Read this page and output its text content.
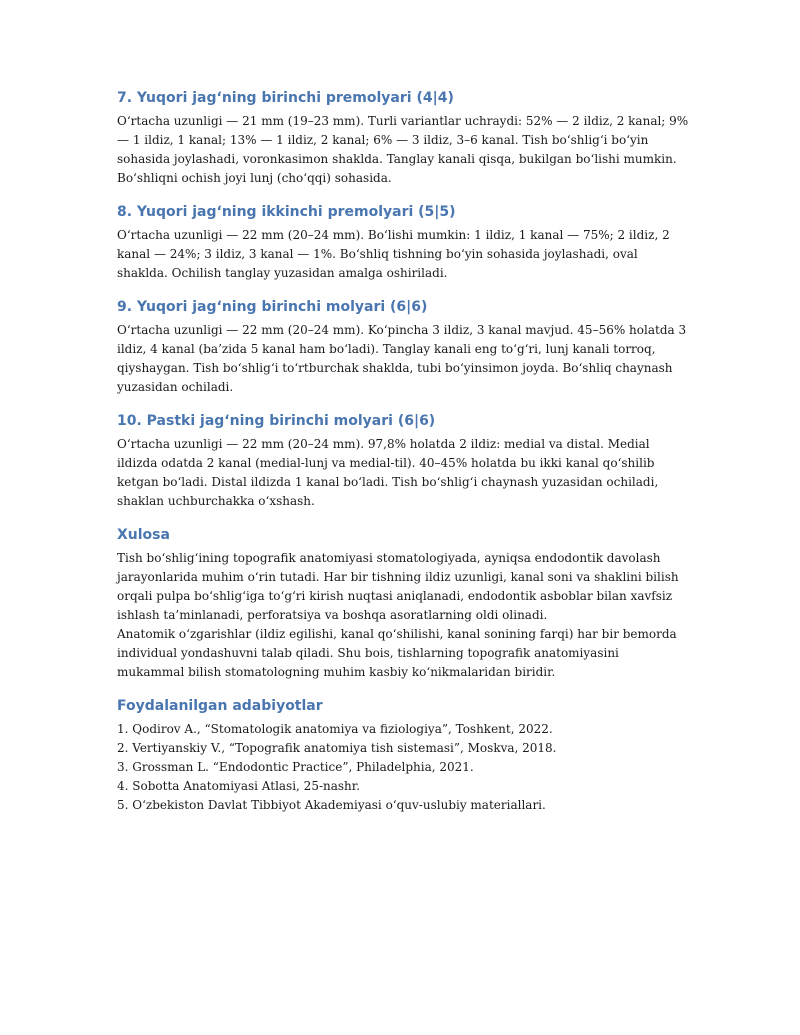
7. Yuqori jag‘ning birinchi premolyari (4|4)

O‘rtacha uzunligi — 21 mm (19–23 mm). Turli variantlar uchraydi: 52% — 2 ildiz, 2 kanal; 9% — 1 ildiz, 1 kanal; 13% — 1 ildiz, 2 kanal; 6% — 3 ildiz, 3–6 kanal. Tish bo‘shlig‘i bo‘yin sohasida joylashadi, voronkasimon shaklda. Tanglay kanali qisqa, bukilgan bo‘lishi mumkin. Bo‘shliqni ochish joyi lunj (cho‘qqi) sohasida.

8. Yuqori jag‘ning ikkinchi premolyari (5|5)

O‘rtacha uzunligi — 22 mm (20–24 mm). Bo‘lishi mumkin: 1 ildiz, 1 kanal — 75%; 2 ildiz, 2 kanal — 24%; 3 ildiz, 3 kanal — 1%. Bo‘shliq tishning bo‘yin sohasida joylashadi, oval shaklda. Ochilish tanglay yuzasidan amalga oshiriladi.

9. Yuqori jag‘ning birinchi molyari (6|6)

O‘rtacha uzunligi — 22 mm (20–24 mm). Ko‘pincha 3 ildiz, 3 kanal mavjud. 45–56% holatda 3 ildiz, 4 kanal (ba’zida 5 kanal ham bo‘ladi). Tanglay kanali eng to‘g‘ri, lunj kanali torroq, qiyshaygan. Tish bo‘shlig‘i to‘rtburchak shaklda, tubi bo‘yinsimon joyda. Bo‘shliq chaynash yuzasidan ochiladi.

10. Pastki jag‘ning birinchi molyari (6|6)

O‘rtacha uzunligi — 22 mm (20–24 mm). 97,8% holatda 2 ildiz: medial va distal. Medial ildizda odatda 2 kanal (medial-lunj va medial-til). 40–45% holatda bu ikki kanal qo‘shilib ketgan bo‘ladi. Distal ildizda 1 kanal bo‘ladi. Tish bo‘shlig‘i chaynash yuzasidan ochiladi, shaklan uchburchakka o‘xshash.

Xulosa

Tish bo‘shlig‘ining topografik anatomiyasi stomatologiyada, ayniqsa endodontik davolash jarayonlarida muhim o‘rin tutadi. Har bir tishning ildiz uzunligi, kanal soni va shaklini bilish orqali pulpa bo‘shlig‘iga to‘g‘ri kirish nuqtasi aniqlanadi, endodontik asboblar bilan xavfsiz ishlash ta’minlanadi, perforatsiya va boshqa asoratlarning oldi olinadi.

Anatomik o‘zgarishlar (ildiz egilishi, kanal qo‘shilishi, kanal sonining farqi) har bir bemorda individual yondashuvni talab qiladi. Shu bois, tishlarning topografik anatomiyasini mukammal bilish stomatologning muhim kasbiy ko‘nikmalaridan biridir.

Foydalanilgan adabiyotlar
1. Qodirov A., “Stomatologik anatomiya va fiziologiya”, Toshkent, 2022.
2. Vertiyanskiy V., “Topografik anatomiya tish sistemasi”, Moskva, 2018.
3. Grossman L. “Endodontic Practice”, Philadelphia, 2021.
4. Sobotta Anatomiyasi Atlasi, 25-nashr.
5. O‘zbekiston Davlat Tibbiyot Akademiyasi o‘quv-uslubiy materiallari.
